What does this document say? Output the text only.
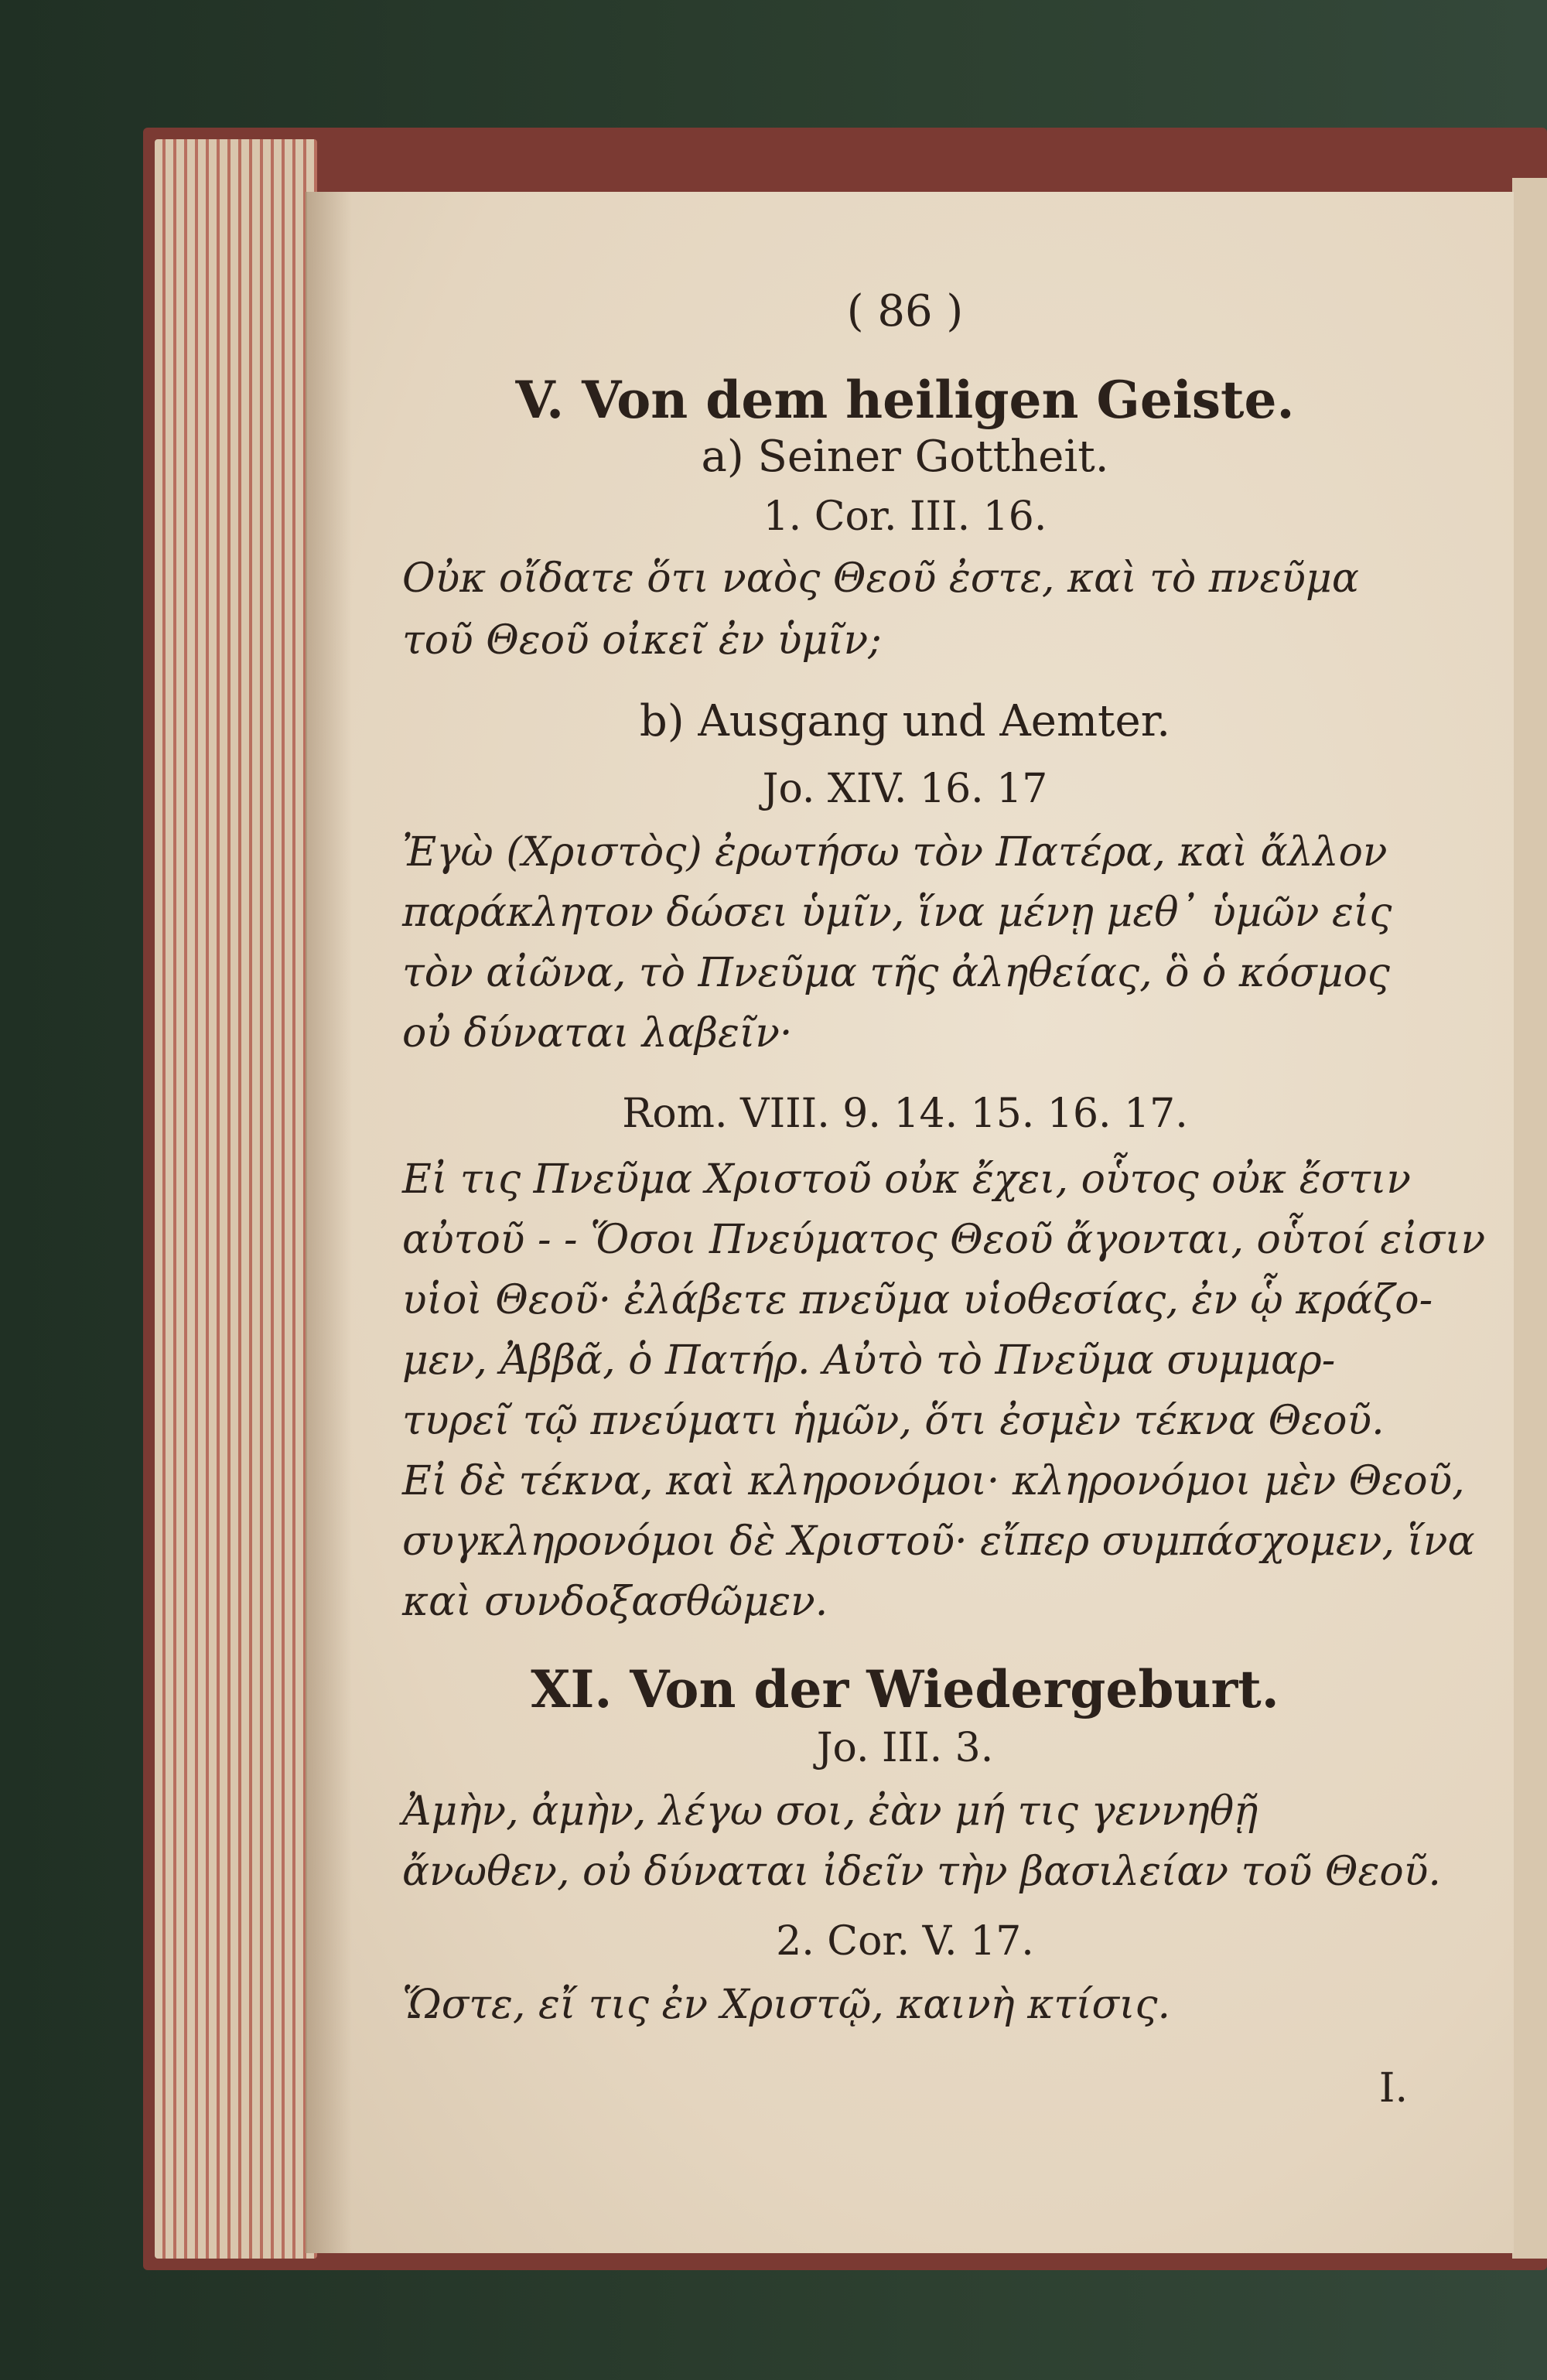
( 86 )
V. Von dem heiligen Geiste.
a) Seiner Gottheit.
1. Cor. III. 16.
Οὐκ οἴδατε ὅτι ναὸς Θεοῦ ἐστε, καὶ τὸ πνεῦμα
τοῦ Θεοῦ οἰκεῖ ἐν ὑμῖν;
b) Ausgang und Aemter.
Jo. XIV. 16. 17
Ἐγὼ (Χριστὸς) ἐρωτήσω τὸν Πατέρα, καὶ ἄλλον
παράκλητον δώσει ὑμῖν, ἵνα μένῃ μεθ᾽ ὑμῶν εἰς
τὸν αἰῶνα, τὸ Πνεῦμα τῆς ἀληθείας, ὃ ὁ κόσμος
οὐ δύναται λαβεῖν·
Rom. VIII. 9. 14. 15. 16. 17.
Εἰ τις Πνεῦμα Χριστοῦ οὐκ ἔχει, οὗτος οὐκ ἔστιν
αὐτοῦ - - Ὅσοι Πνεύματος Θεοῦ ἄγονται, οὗτοί εἰσιν
υἱοὶ Θεοῦ· ἐλάβετε πνεῦμα υἱοθεσίας, ἐν ᾧ κράζο-
μεν, Ἀββᾶ, ὁ Πατήρ. Αὐτὸ τὸ Πνεῦμα συμμαρ-
τυρεῖ τῷ πνεύματι ἡμῶν, ὅτι ἐσμὲν τέκνα Θεοῦ.
Εἰ δὲ τέκνα, καὶ κληρονόμοι· κληρονόμοι μὲν Θεοῦ,
συγκληρονόμοι δὲ Χριστοῦ· εἴπερ συμπάσχομεν, ἵνα
καὶ συνδοξασθῶμεν.
XI. Von der Wiedergeburt.
Jo. III. 3.
Ἀμὴν, ἀμὴν, λέγω σοι, ἐὰν μή τις γεννηθῇ
ἄνωθεν, οὐ δύναται ἰδεῖν τὴν βασιλείαν τοῦ Θεοῦ.
2. Cor. V. 17.
Ὥστε, εἴ τις ἐν Χριστῷ, καινὴ κτίσις.
I.
